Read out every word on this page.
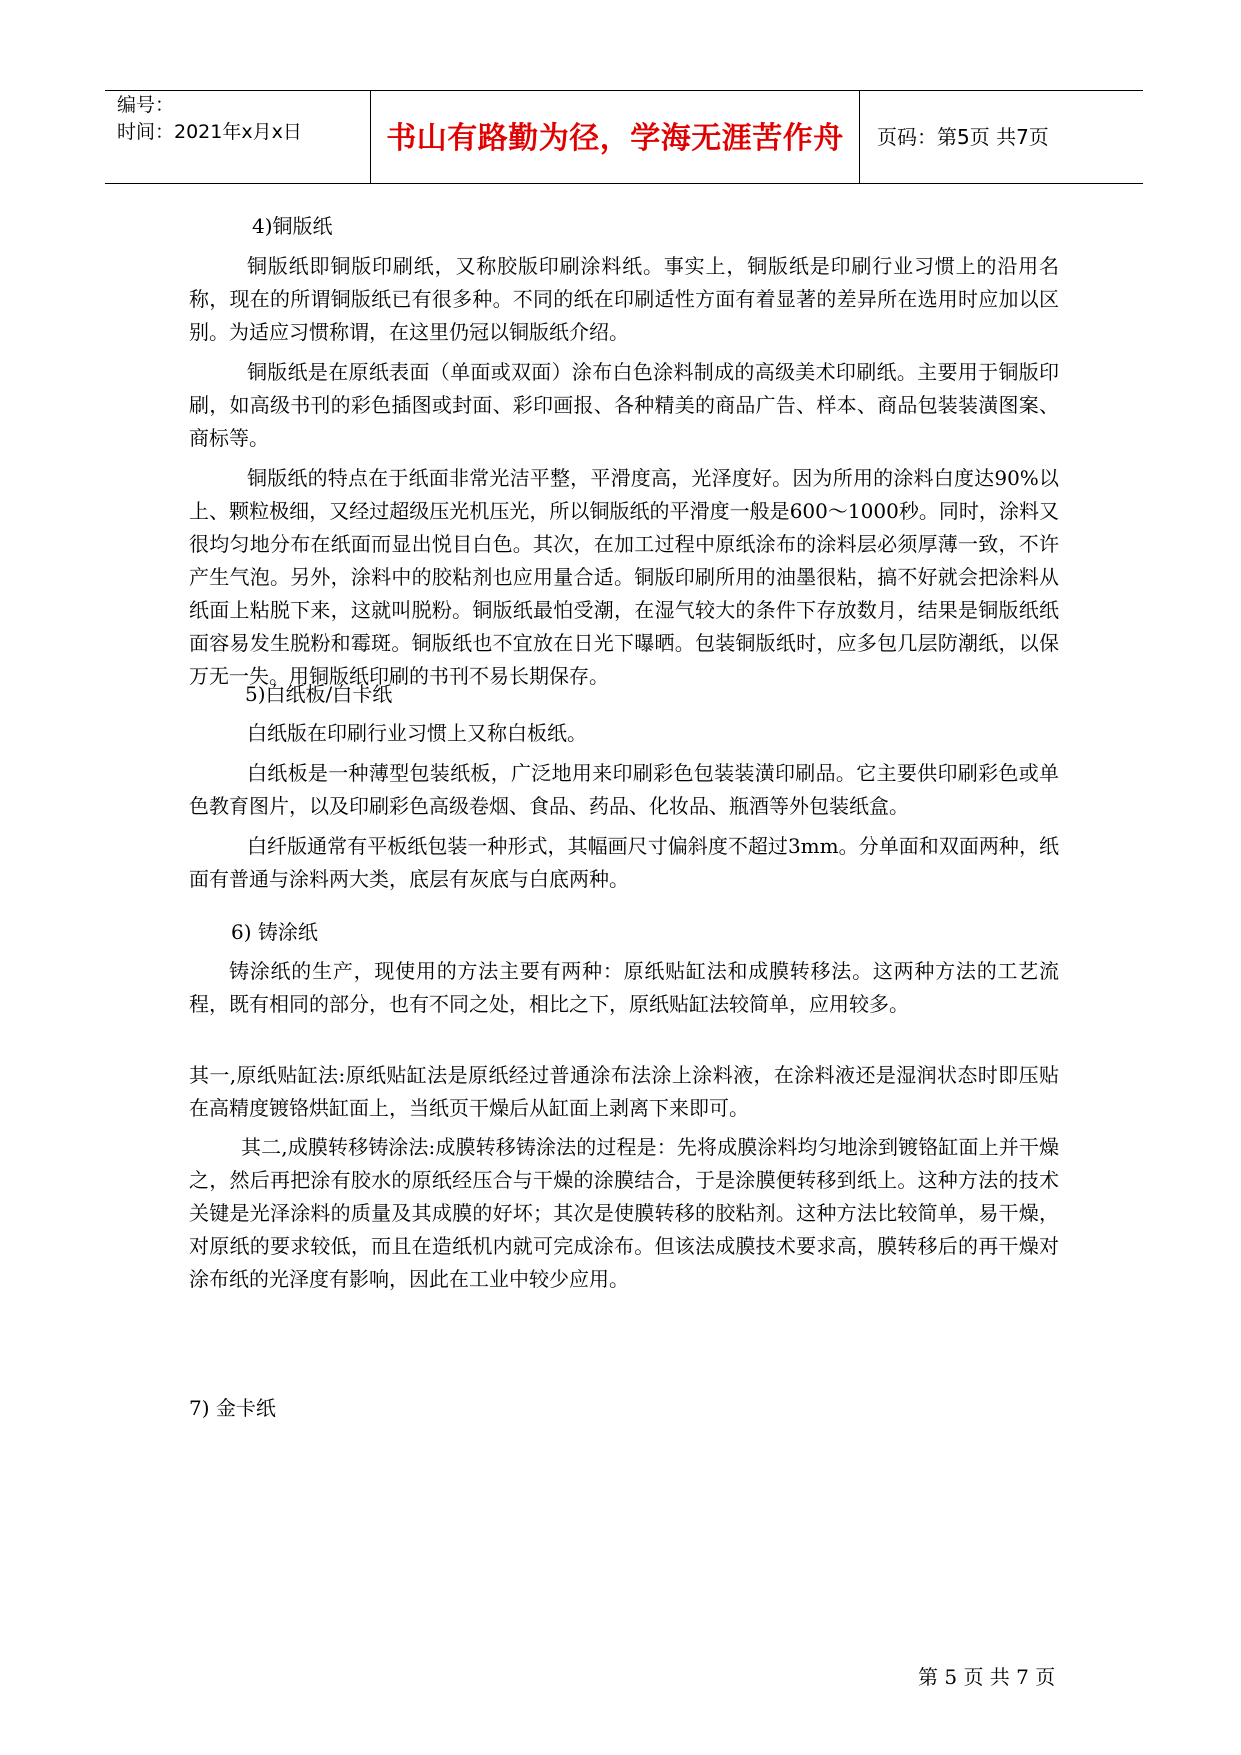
编号：
时间：2021年x月x日	书山有路勤为径，学海无涯苦作舟	页码：第5页 共7页

4)铜版纸

铜版纸即铜版印刷纸，又称胶版印刷涂料纸。事实上，铜版纸是印刷行业习惯上的沿用名称，现在的所谓铜版纸已有很多种。不同的纸在印刷适性方面有着显著的差异所在选用时应加以区别。为适应习惯称谓，在这里仍冠以铜版纸介绍。

铜版纸是在原纸表面（单面或双面）涂布白色涂料制成的高级美术印刷纸。主要用于铜版印刷，如高级书刊的彩色插图或封面、彩印画报、各种精美的商品广告、样本、商品包装装潢图案、商标等。

铜版纸的特点在于纸面非常光洁平整，平滑度高，光泽度好。因为所用的涂料白度达90%以上、颗粒极细，又经过超级压光机压光，所以铜版纸的平滑度一般是600～1000秒。同时，涂料又很均匀地分布在纸面而显出悦目白色。其次，在加工过程中原纸涂布的涂料层必须厚薄一致，不许产生气泡。另外，涂料中的胶粘剂也应用量合适。铜版印刷所用的油墨很粘，搞不好就会把涂料从纸面上粘脱下来，这就叫脱粉。铜版纸最怕受潮，在湿气较大的条件下存放数月，结果是铜版纸纸面容易发生脱粉和霉斑。铜版纸也不宜放在日光下曝晒。包装铜版纸时，应多包几层防潮纸，以保万无一失。用铜版纸印刷的书刊不易长期保存。

5)白纸板/白卡纸

白纸版在印刷行业习惯上又称白板纸。

白纸板是一种薄型包装纸板，广泛地用来印刷彩色包装装潢印刷品。它主要供印刷彩色或单色教育图片，以及印刷彩色高级卷烟、食品、药品、化妆品、瓶酒等外包装纸盒。

白纤版通常有平板纸包装一种形式，其幅画尺寸偏斜度不超过3mm。分单面和双面两种，纸面有普通与涂料两大类，底层有灰底与白底两种。

6) 铸涂纸

铸涂纸的生产，现使用的方法主要有两种：原纸贴缸法和成膜转移法。这两种方法的工艺流程，既有相同的部分，也有不同之处，相比之下，原纸贴缸法较简单，应用较多。

其一,原纸贴缸法:原纸贴缸法是原纸经过普通涂布法涂上涂料液，在涂料液还是湿润状态时即压贴在高精度镀铬烘缸面上，当纸页干燥后从缸面上剥离下来即可。

其二,成膜转移铸涂法:成膜转移铸涂法的过程是：先将成膜涂料均匀地涂到镀铬缸面上并干燥之，然后再把涂有胶水的原纸经压合与干燥的涂膜结合，于是涂膜便转移到纸上。这种方法的技术关键是光泽涂料的质量及其成膜的好坏；其次是使膜转移的胶粘剂。这种方法比较简单，易干燥，对原纸的要求较低，而且在造纸机内就可完成涂布。但该法成膜技术要求高，膜转移后的再干燥对涂布纸的光泽度有影响，因此在工业中较少应用。

7) 金卡纸

第 5 页 共 7 页
